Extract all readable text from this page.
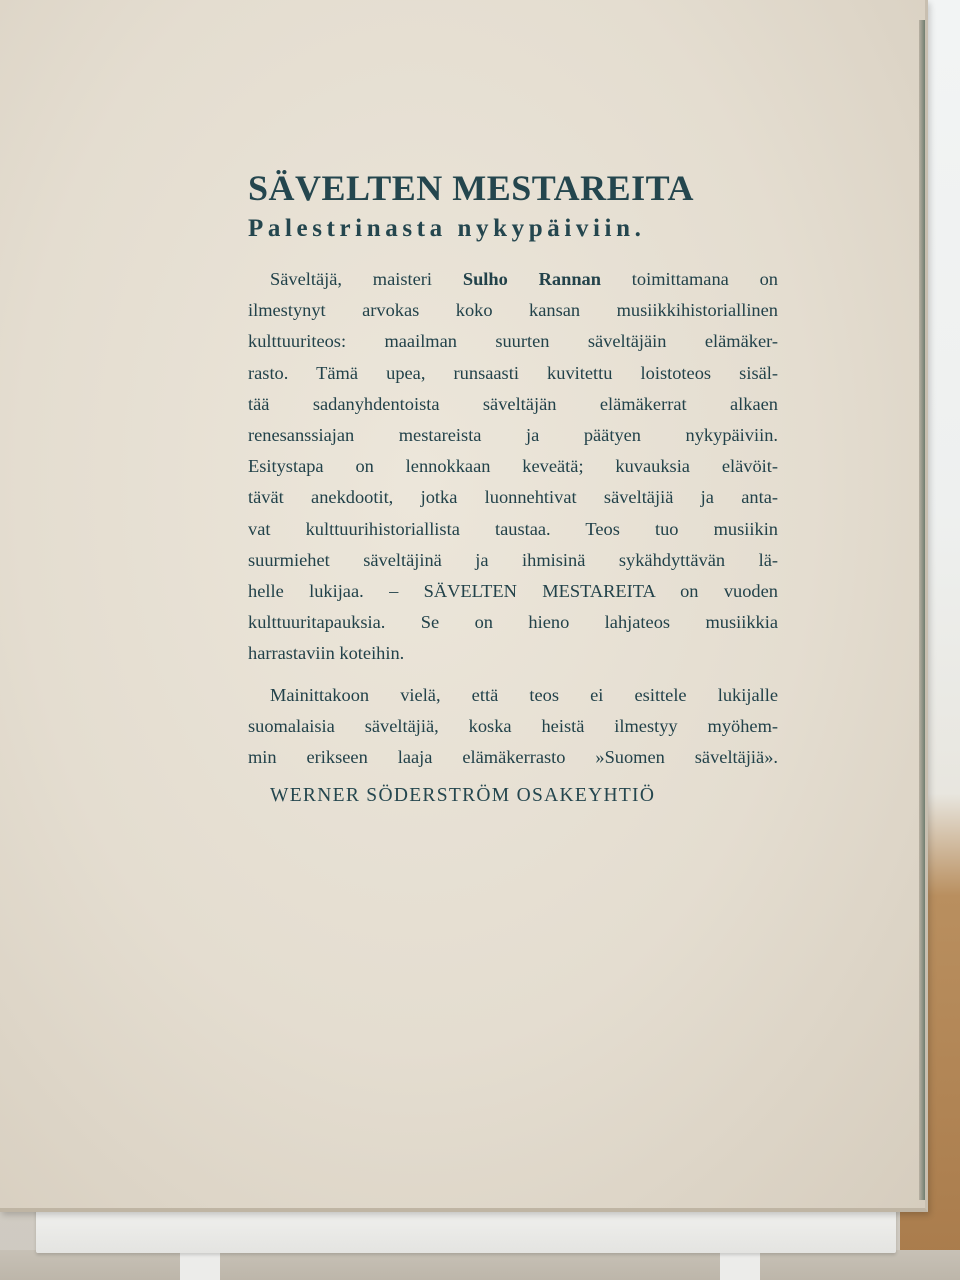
SÄVELTEN MESTAREITA
Palestrinasta nykypäiviin.

Säveltäjä, maisteri Sulho Rannan toimittamana on
ilmestynyt arvokas koko kansan musiikkihistoriallinen
kulttuuriteos: maailman suurten säveltäjäin elämäker-
rasto. Tämä upea, runsaasti kuvitettu loistoteos sisäl-
tää sadanyhdentoista säveltäjän elämäkerrat alkaen
renesanssiajan mestareista ja päätyen nykypäiviin.
Esitystapa on lennokkaan keveätä; kuvauksia elävöit-
tävät anekdootit, jotka luonnehtivat säveltäjiä ja anta-
vat kulttuurihistoriallista taustaa. Teos tuo musiikin
suurmiehet säveltäjinä ja ihmisinä sykähdyttävän lä-
helle lukijaa. – SÄVELTEN MESTAREITA on vuoden
kulttuuritapauksia. Se on hieno lahjateos musiikkia
harrastaviin koteihin.

Mainittakoon vielä, että teos ei esittele lukijalle
suomalaisia säveltäjiä, koska heistä ilmestyy myöhem-
min erikseen laaja elämäkerrasto »Suomen säveltäjiä».

WERNER SÖDERSTRÖM OSAKEYHTIÖ
